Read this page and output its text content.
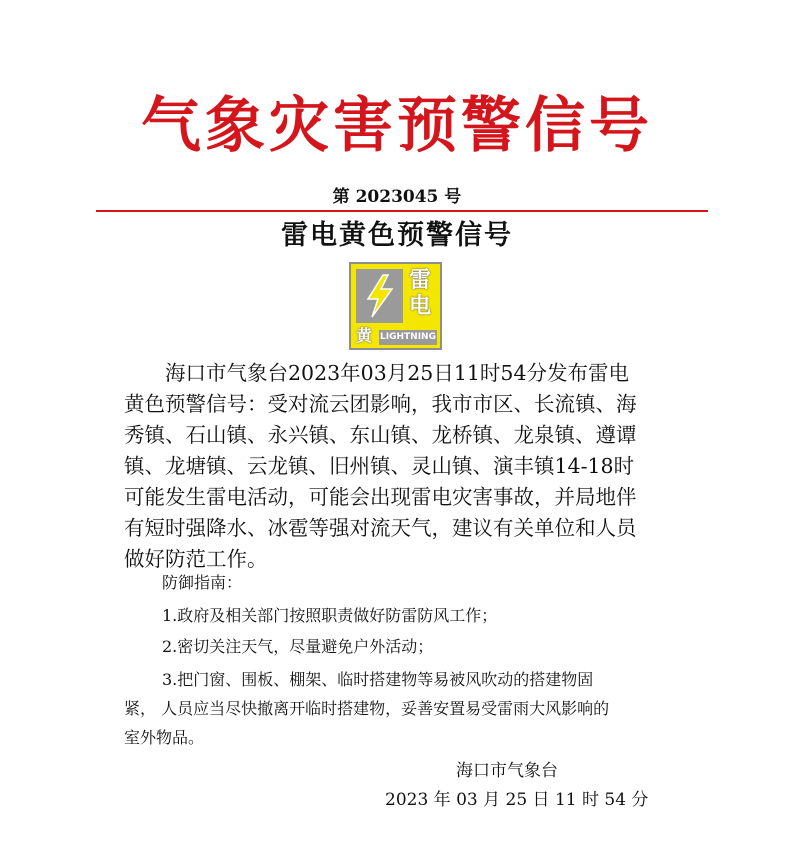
气象灾害预警信号
第 2023045 号
雷电黄色预警信号
雷
电
黄 LIGHTNING

海口市气象台2023年03月25日11时54分发布雷电
黄色预警信号：受对流云团影响，我市市区、长流镇、海
秀镇、石山镇、永兴镇、东山镇、龙桥镇、龙泉镇、遵谭
镇、龙塘镇、云龙镇、旧州镇、灵山镇、演丰镇14-18时
可能发生雷电活动，可能会出现雷电灾害事故，并局地伴
有短时强降水、冰雹等强对流天气，建议有关单位和人员
做好防范工作。

防御指南：

1.政府及相关部门按照职责做好防雷防风工作；

2.密切关注天气，尽量避免户外活动；

3.把门窗、围板、棚架、临时搭建物等易被风吹动的搭建物固
紧， 人员应当尽快撤离开临时搭建物，妥善安置易受雷雨大风影响的
室外物品。

海口市气象台
2023 年 03 月 25 日 11 时 54 分
